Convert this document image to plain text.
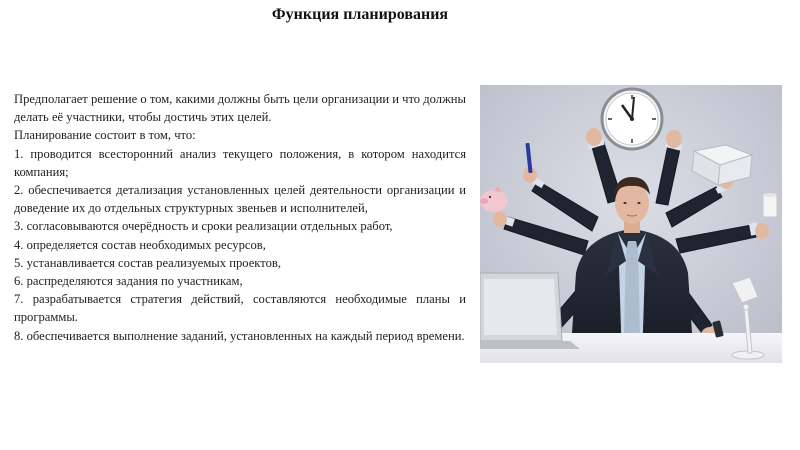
Функция планирования

Предполагает решение о том, какими должны быть цели организации и что должны делать её участники, чтобы достичь этих целей.

Планирование состоит в том, что:

1. проводится всесторонний анализ текущего положения, в котором находится компания;
2. обеспечивается детализация установленных целей деятельности организации и доведение их до отдельных структурных звеньев и исполнителей,
3. согласовываются очерёдность и сроки реализации отдельных работ,
4. определяется состав необходимых ресурсов,
5. устанавливается состав реализуемых проектов,
6. распределяются задания по участникам,
7. разрабатывается стратегия действий, составляются необходимые планы и программы.
8. обеспечивается выполнение заданий, установленных на каждый период времени.
